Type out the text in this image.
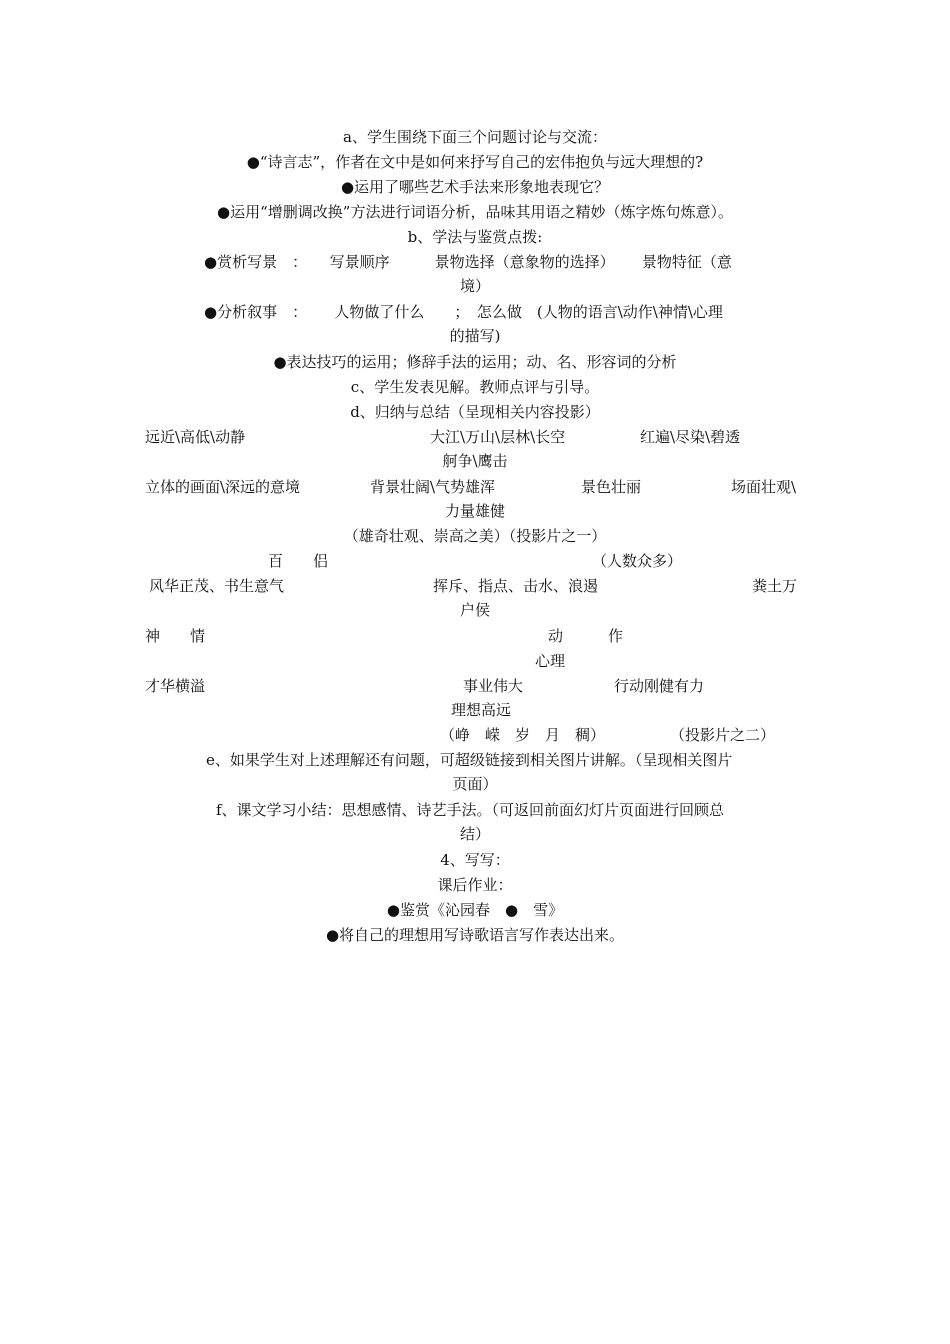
a、学生围绕下面三个问题讨论与交流：
●“诗言志”，作者在文中是如何来抒写自己的宏伟抱负与远大理想的?
●运用了哪些艺术手法来形象地表现它？
●运用“增删调改换”方法进行词语分析，品味其用语之精妙（炼字炼句炼意）。
b、学法与鉴赏点拨:
●赏析写景　：　　写景顺序　　　景物选择（意象物的选择）　　 景物特征（意
境）
●分析叙事　：　　 人物做了什么　　；　怎么做　(人物的语言\动作\神情\心理
的描写)
●表达技巧的运用；修辞手法的运用；动、名、形容词的分析
c、学生发表见解。教师点评与引导。
d、归纳与总结（呈现相关内容投影）
远近\高低\动静	大江\万山\层林\长空	红遍\尽染\碧透
舸争\鹰击
立体的画面\深远的意境	背景壮阔\气势雄浑	景色壮丽	场面壮观\
力量雄健
（雄奇壮观、崇高之美）（投影片之一）
百　　侣	（人数众多）
风华正茂、书生意气	挥斥、指点、击水、浪遏	粪土万
户侯
神　　情	动　　　作
心理
才华横溢	事业伟大	行动刚健有力
理想高远
（峥　嵘　岁　月　稠）	（投影片之二）
e、如果学生对上述理解还有问题，可超级链接到相关图片讲解。（呈现相关图片
页面）
f、课文学习小结：思想感情、诗艺手法。（可返回前面幻灯片页面进行回顾总
结）
4、写写：
课后作业：
●鉴赏《沁园春　●　雪》
●将自己的理想用写诗歌语言写作表达出来。
